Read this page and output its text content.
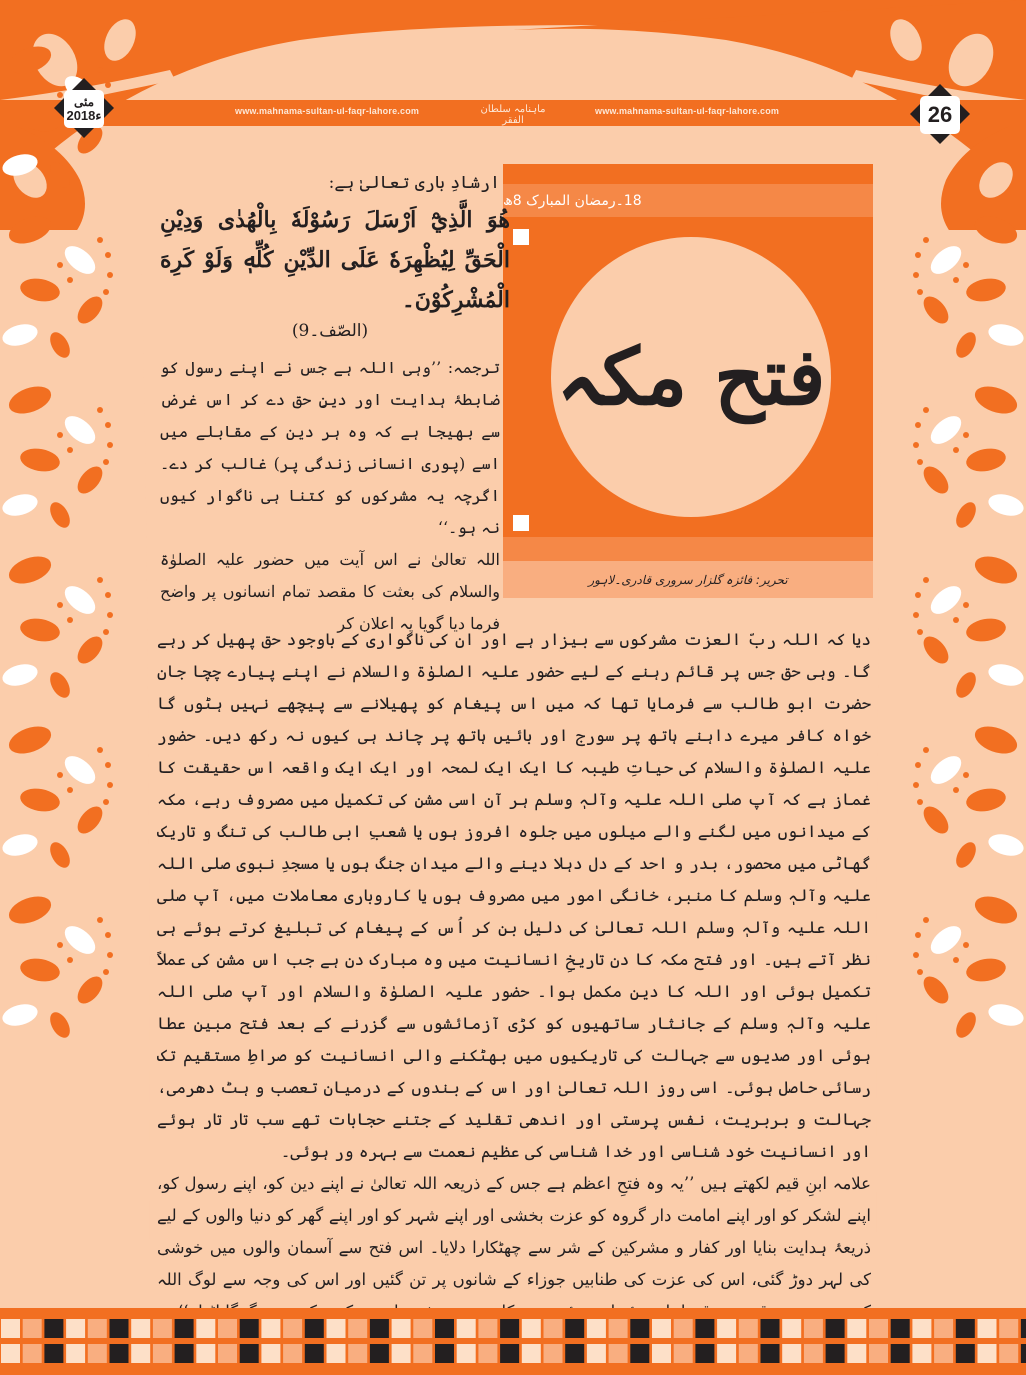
www.mahnama-sultan-ul-faqr-lahore.com	ماہنامہ سلطان الفقر
www.mahnama-sultan-ul-faqr-lahore.com
مئی
2018ء	26
18۔رمضان المبارک 8ھ
فتح مکہ
تحریر: فائزہ گلزار سروری قادری۔لاہور
ارشادِ باری تعالیٰ ہے:
هُوَ الَّذِيْٓ اَرْسَلَ رَسُوْلَهٗ بِالْهُدٰى وَدِيْنِ الْحَقِّ لِيُظْهِرَهٗ عَلَى الدِّيْنِ كُلِّهٖ وَلَوْ كَرِهَ الْمُشْرِكُوْنَ۔
(الصّف۔9)

ترجمہ: ’’وہی اللہ ہے جس نے اپنے رسول کو ضابطۂ ہدایت اور دینِ حق دے کر اس غرض سے بھیجا ہے کہ وہ ہر دین کے مقابلے میں اسے (پوری انسانی زندگی پر) غالب کر دے۔ اگرچہ یہ مشرکوں کو کتنا ہی ناگوار کیوں نہ ہو۔‘‘

اللہ تعالیٰ نے اس آیت میں حضور علیہ الصلوٰۃ والسلام کی بعثت کا مقصد تمام انسانوں پر واضح فرما دیا گویا یہ اعلان کر

دیا کہ اللہ ربّ العزت مشرکوں سے بیزار ہے اور ان کی ناگواری کے باوجود حق پھیل کر رہے گا۔ وہی حق جس پر قائم رہنے کے لیے حضور علیہ الصلوٰۃ والسلام نے اپنے پیارے چچا جان حضرت ابو طالب سے فرمایا تھا کہ میں اس پیغام کو پھیلانے سے پیچھے نہیں ہٹوں گا خواہ کافر میرے داہنے ہاتھ پر سورج اور بائیں ہاتھ پر چاند ہی کیوں نہ رکھ دیں۔ حضور علیہ الصلوٰۃ والسلام کی حیاتِ طیبہ کا ایک ایک لمحہ اور ایک ایک واقعہ اس حقیقت کا غماز ہے کہ آپ صلی اللہ علیہ وآلہٖ وسلم ہر آن اسی مشن کی تکمیل میں مصروف رہے، مکہ کے میدانوں میں لگنے والے میلوں میں جلوہ افروز ہوں یا شعبِ ابی طالب کی تنگ و تاریک گھاٹی میں محصور، بدر و احد کے دل دہلا دینے والے میدانِ جنگ ہوں یا مسجدِ نبوی صلی اللہ علیہ وآلہٖ وسلم کا منبر، خانگی امور میں مصروف ہوں یا کاروباری معاملات میں، آپ صلی اللہ علیہ وآلہٖ وسلم اللہ تعالیٰ کی دلیل بن کر اُس کے پیغام کی تبلیغ کرتے ہوئے ہی نظر آتے ہیں۔ اور فتح مکہ کا دن تاریخِ انسانیت میں وہ مبارک دن ہے جب اس مشن کی عملاً تکمیل ہوئی اور اللہ کا دین مکمل ہوا۔ حضور علیہ الصلوٰۃ والسلام اور آپ صلی اللہ علیہ وآلہٖ وسلم کے جانثار ساتھیوں کو کڑی آزمائشوں سے گزرنے کے بعد فتح مبین عطا ہوئی اور صدیوں سے جہالت کی تاریکیوں میں بھٹکنے والی انسانیت کو صراطِ مستقیم تک رسائی حاصل ہوئی۔ اسی روز اللہ تعالیٰ اور اس کے بندوں کے درمیان تعصب و ہٹ دھرمی، جہالت و بربریت، نفس پرستی اور اندھی تقلید کے جتنے حجابات تھے سب تار تار ہوئے اور انسانیت خود شناسی اور خدا شناسی کی عظیم نعمت سے بہرہ ور ہوئی۔

علامہ ابنِ قیم لکھتے ہیں ’’یہ وہ فتحِ اعظم ہے جس کے ذریعہ اللہ تعالیٰ نے اپنے دین کو، اپنے رسول کو، اپنے لشکر کو اور اپنے امامت دار گروہ کو عزت بخشی اور اپنے شہر کو اور اپنے گھر کو دنیا والوں کے لیے ذریعۂ ہدایت بنایا اور کفار و مشرکین کے شر سے چھٹکارا دلایا۔ اس فتح سے آسمان والوں میں خوشی کی لہر دوڑ گئی، اس کی عزت کی طنابیں جوزاء کے شانوں پر تن گئیں اور اس کی وجہ سے لوگ اللہ
